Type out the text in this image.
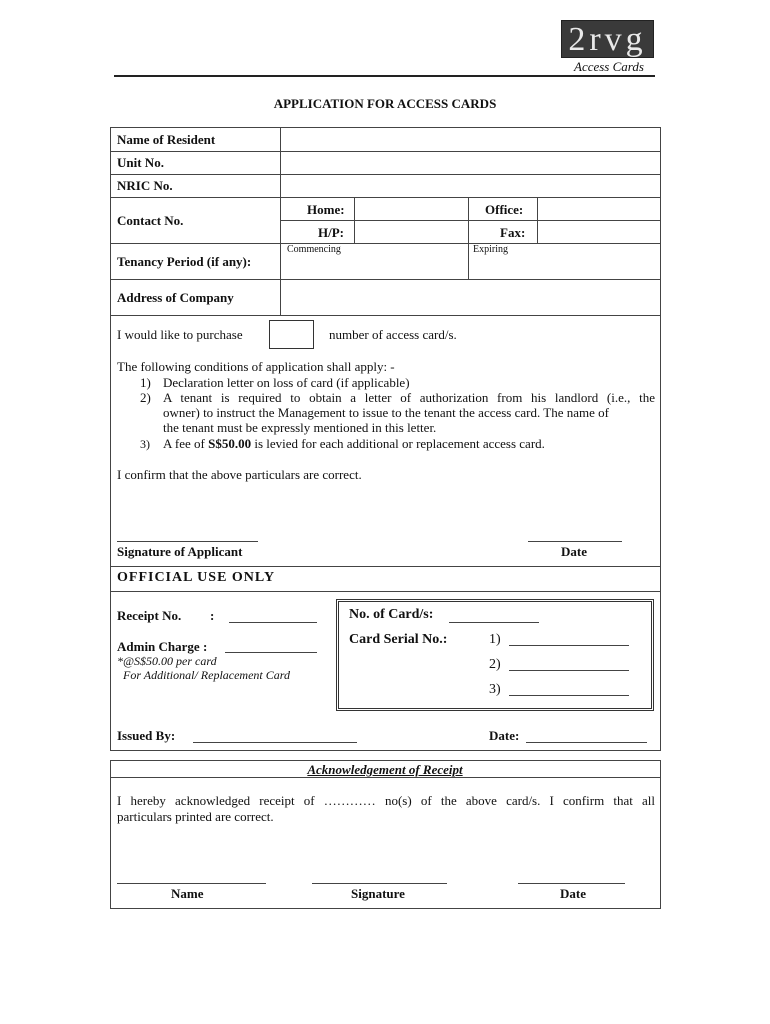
2rvg
Access Cards
APPLICATION FOR ACCESS CARDS
Name of Resident
Unit No.
NRIC No.
Contact No.
Home:	Office:
H/P:	Fax:
Tenancy Period (if any):
Commencing	Expiring
Address of Company
I would like to purchase	number of access card/s.
The following conditions of application shall apply: -
1) Declaration letter on loss of card (if applicable)
2) A tenant is required to obtain a letter of authorization from his landlord (i.e., the
owner) to instruct the Management to issue to the tenant the access card. The name of
the tenant must be expressly mentioned in this letter.
3) A fee of S$50.00 is levied for each additional or replacement access card.
I confirm that the above particulars are correct.
Signature of Applicant	Date
OFFICIAL USE ONLY
Receipt No. :
Admin Charge :
*@S$50.00 per card
For Additional/ Replacement Card
No. of Card/s:
Card Serial No.:	1)
2)
3)
Issued By:	Date:
Acknowledgement of Receipt
I hereby acknowledged receipt of ………… no(s) of the above card/s. I confirm that all
particulars printed are correct.
Name	Signature	Date
